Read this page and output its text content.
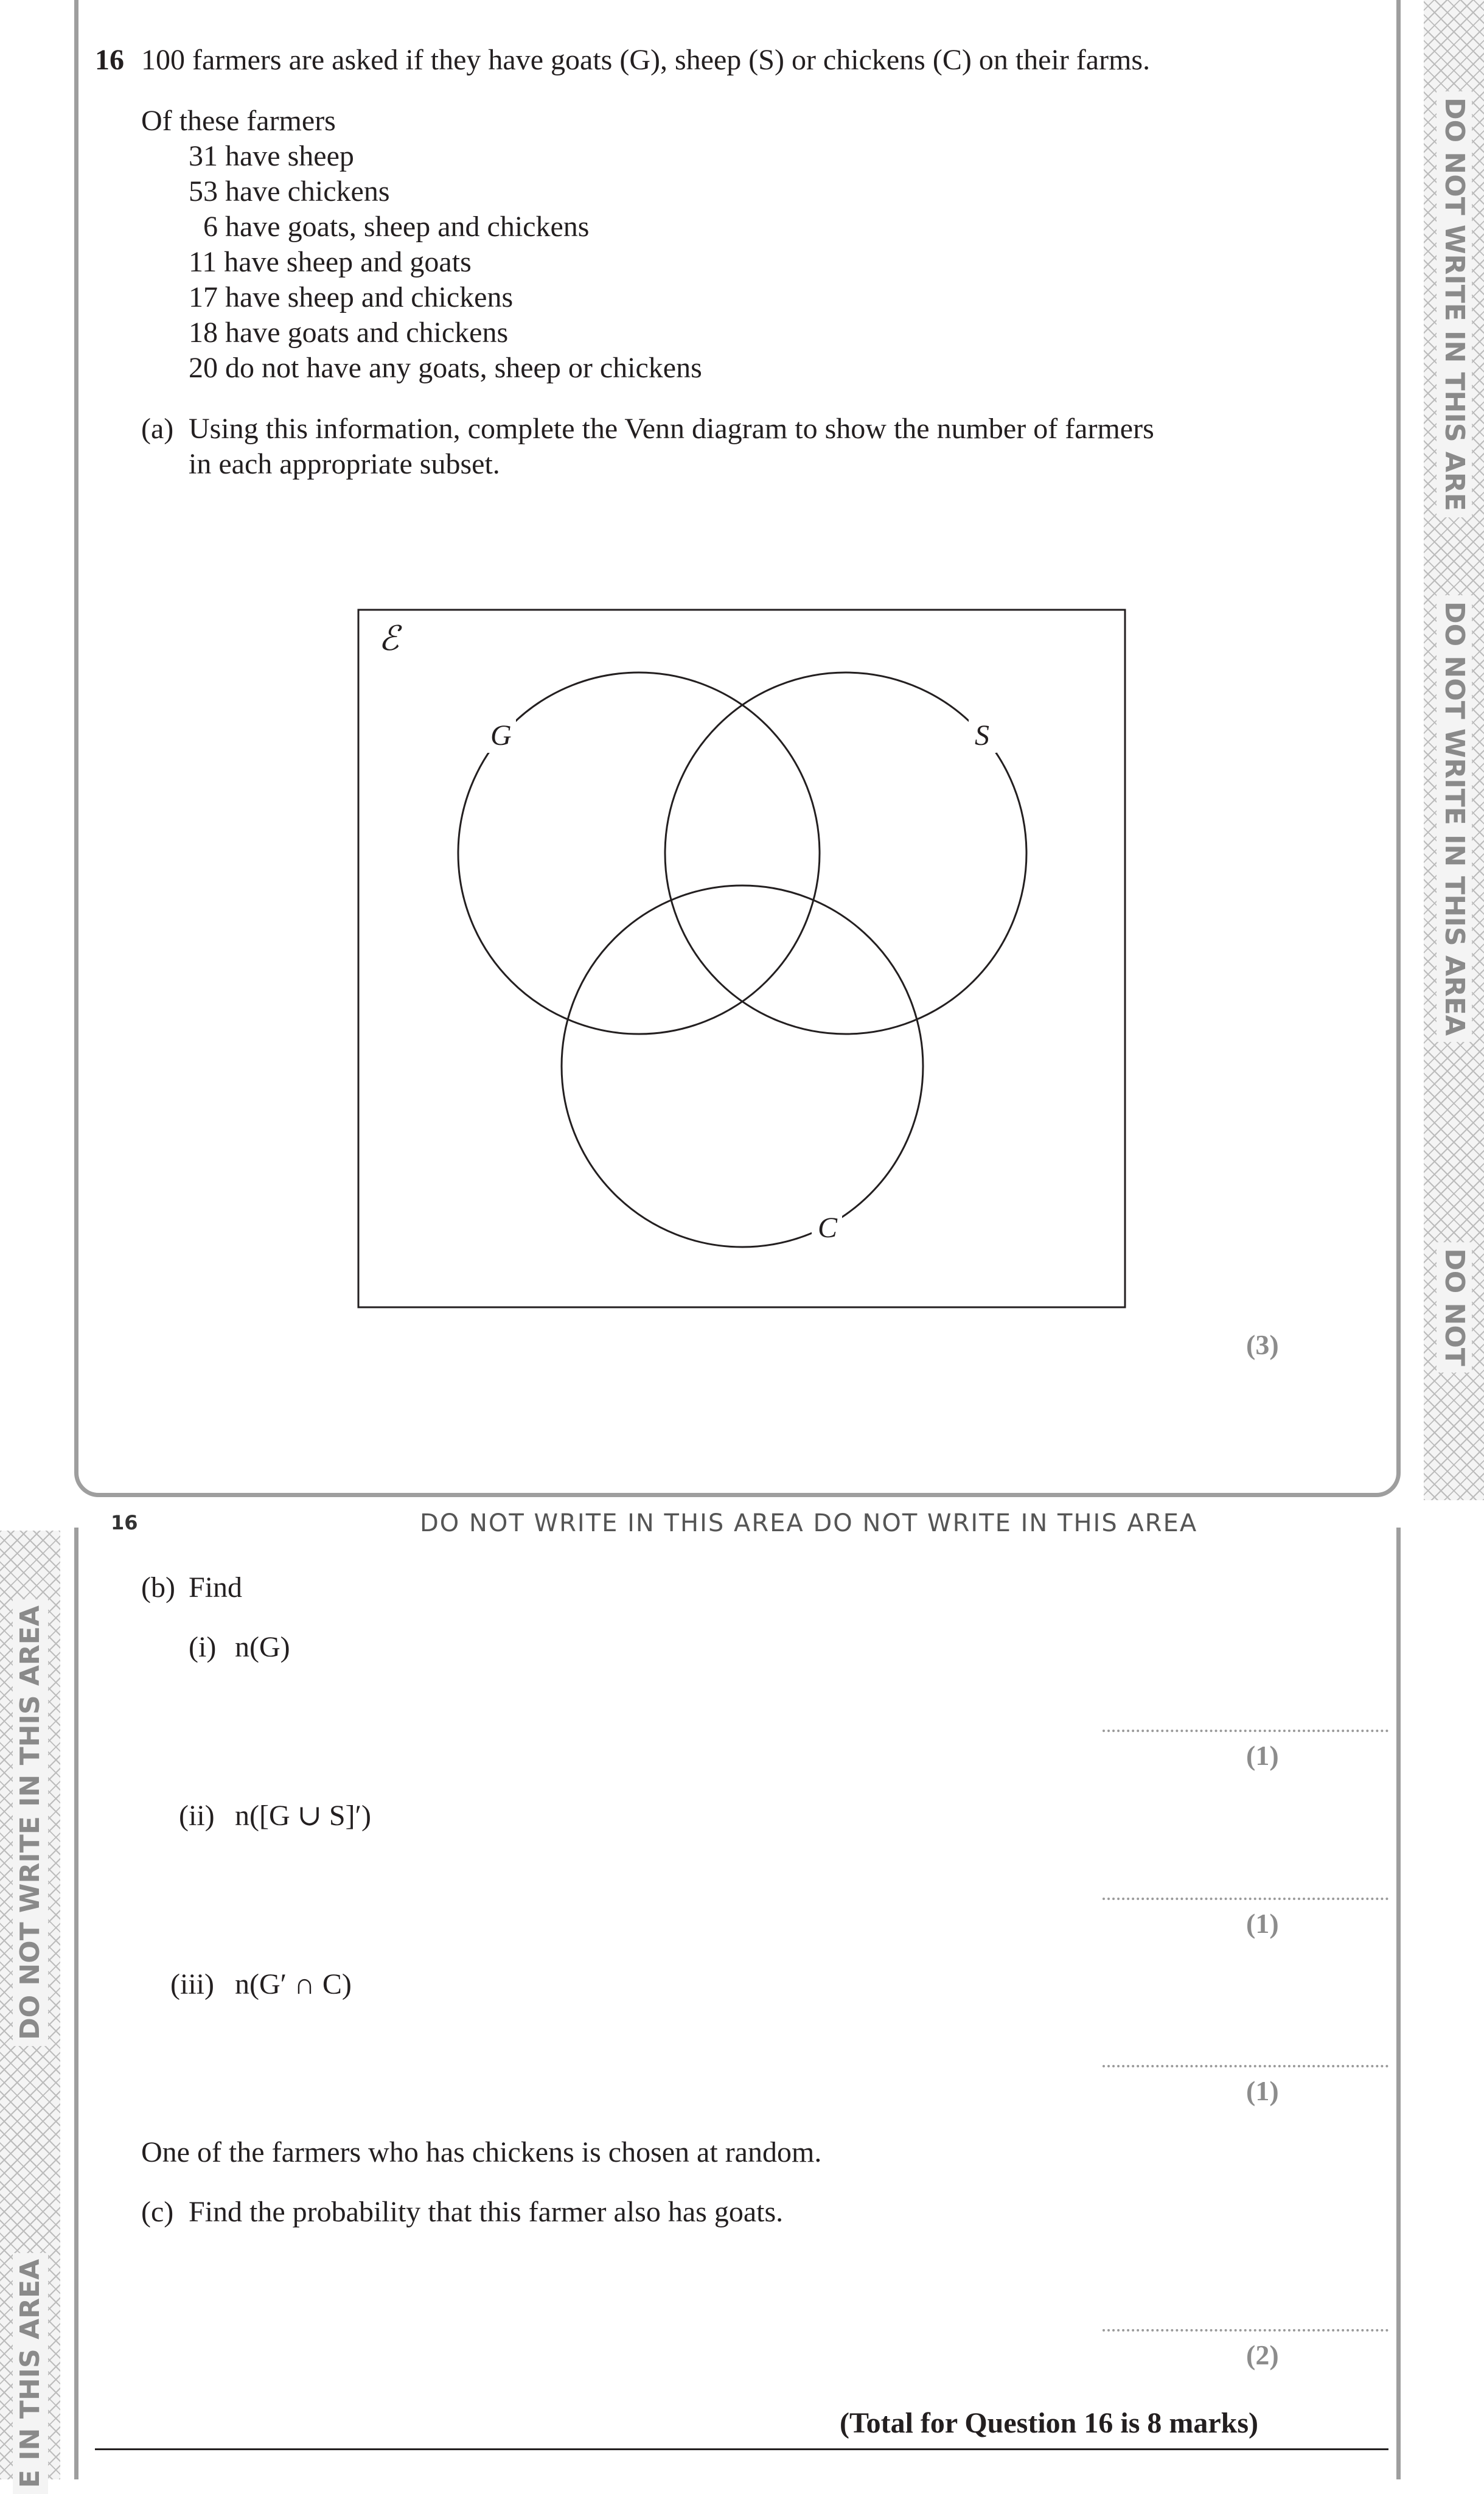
DO NOT WRITE IN THIS ARE
DO NOT WRITE IN THIS AREA
DO NOT
DO NOT WRITE IN THIS AREA
E IN THIS AREA
16 100 farmers are asked if they have goats (G), sheep (S) or chickens (C) on their farms.
Of these farmers
31 have sheep
53 have chickens
6 have goats, sheep and chickens
11 have sheep and goats
17 have sheep and chickens
18 have goats and chickens
20 do not have any goats, sheep or chickens
(a) Using this information, complete the Venn diagram to show the number of farmers
in each appropriate subset.
ℰ
G	S
C
(3)
16	DO NOT WRITE IN THIS AREA DO NOT WRITE IN THIS AREA
(b) Find
(i) n(G)
(1)
(ii) n([G ∪ S]′)
(1)
(iii) n(G′ ∩ C)
(1)
One of the farmers who has chickens is chosen at random.
(c) Find the probability that this farmer also has goats.
(2)
(Total for Question 16 is 8 marks)
